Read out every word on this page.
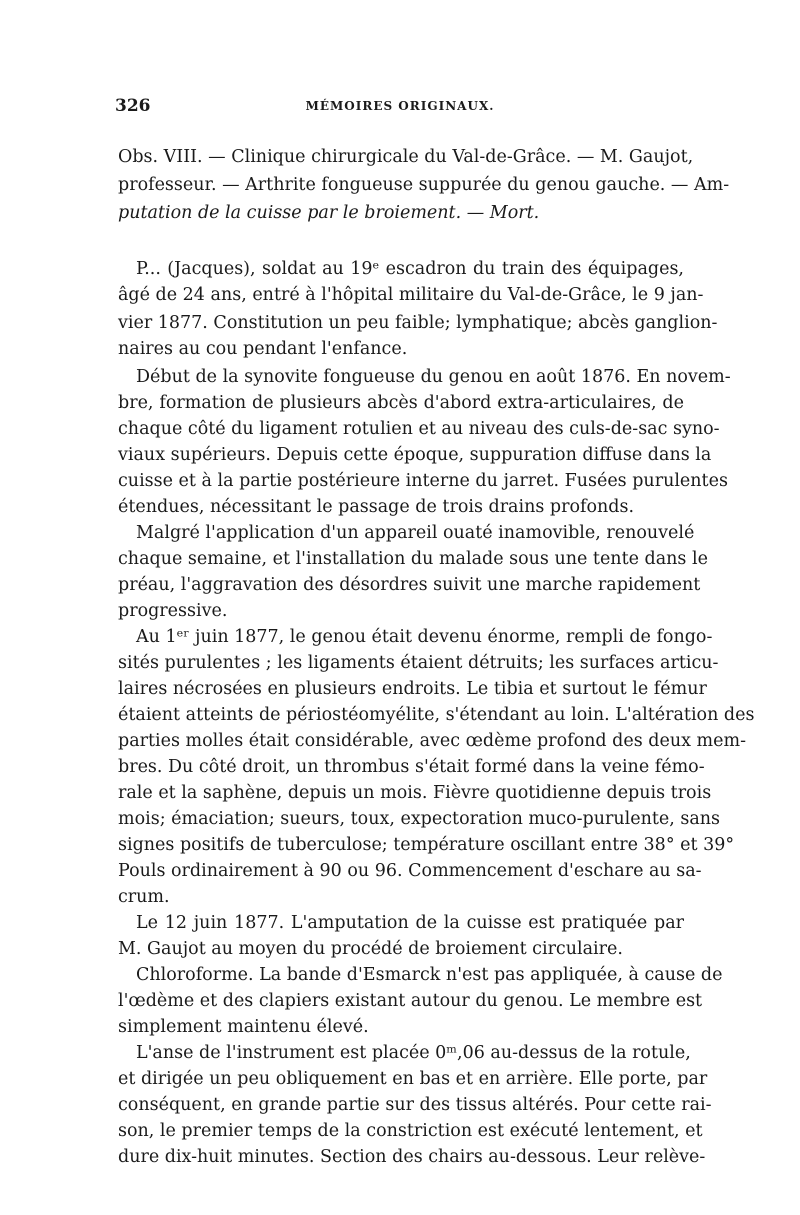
326	MÉMOIRES ORIGINAUX.
Obs. VIII. — Clinique chirurgicale du Val-de-Grâce. — M. Gaujot,
professeur. — Arthrite fongueuse suppurée du genou gauche. — Am-
putation de la cuisse par le broiement. — Mort.
P... (Jacques), soldat au 19ᵉ escadron du train des équipages,
âgé de 24 ans, entré à l'hôpital militaire du Val-de-Grâce, le 9 jan-
vier 1877. Constitution un peu faible; lymphatique; abcès ganglion-
naires au cou pendant l'enfance.
Début de la synovite fongueuse du genou en août 1876. En novem-
bre, formation de plusieurs abcès d'abord extra-articulaires, de
chaque côté du ligament rotulien et au niveau des culs-de-sac syno-
viaux supérieurs. Depuis cette époque, suppuration diffuse dans la
cuisse et à la partie postérieure interne du jarret. Fusées purulentes
étendues, nécessitant le passage de trois drains profonds.
Malgré l'application d'un appareil ouaté inamovible, renouvelé
chaque semaine, et l'installation du malade sous une tente dans le
préau, l'aggravation des désordres suivit une marche rapidement
progressive.
Au 1ᵉʳ juin 1877, le genou était devenu énorme, rempli de fongo-
sités purulentes ; les ligaments étaient détruits; les surfaces articu-
laires nécrosées en plusieurs endroits. Le tibia et surtout le fémur
étaient atteints de périostéomyélite, s'étendant au loin. L'altération des
parties molles était considérable, avec œdème profond des deux mem-
bres. Du côté droit, un thrombus s'était formé dans la veine fémo-
rale et la saphène, depuis un mois. Fièvre quotidienne depuis trois
mois; émaciation; sueurs, toux, expectoration muco-purulente, sans
signes positifs de tuberculose; température oscillant entre 38° et 39°
Pouls ordinairement à 90 ou 96. Commencement d'eschare au sa-
crum.
Le 12 juin 1877. L'amputation de la cuisse est pratiquée par
M. Gaujot au moyen du procédé de broiement circulaire.
Chloroforme. La bande d'Esmarck n'est pas appliquée, à cause de
l'œdème et des clapiers existant autour du genou. Le membre est
simplement maintenu élevé.
L'anse de l'instrument est placée 0ᵐ,06 au-dessus de la rotule,
et dirigée un peu obliquement en bas et en arrière. Elle porte, par
conséquent, en grande partie sur des tissus altérés. Pour cette rai-
son, le premier temps de la constriction est exécuté lentement, et
dure dix-huit minutes. Section des chairs au-dessous. Leur relève-
